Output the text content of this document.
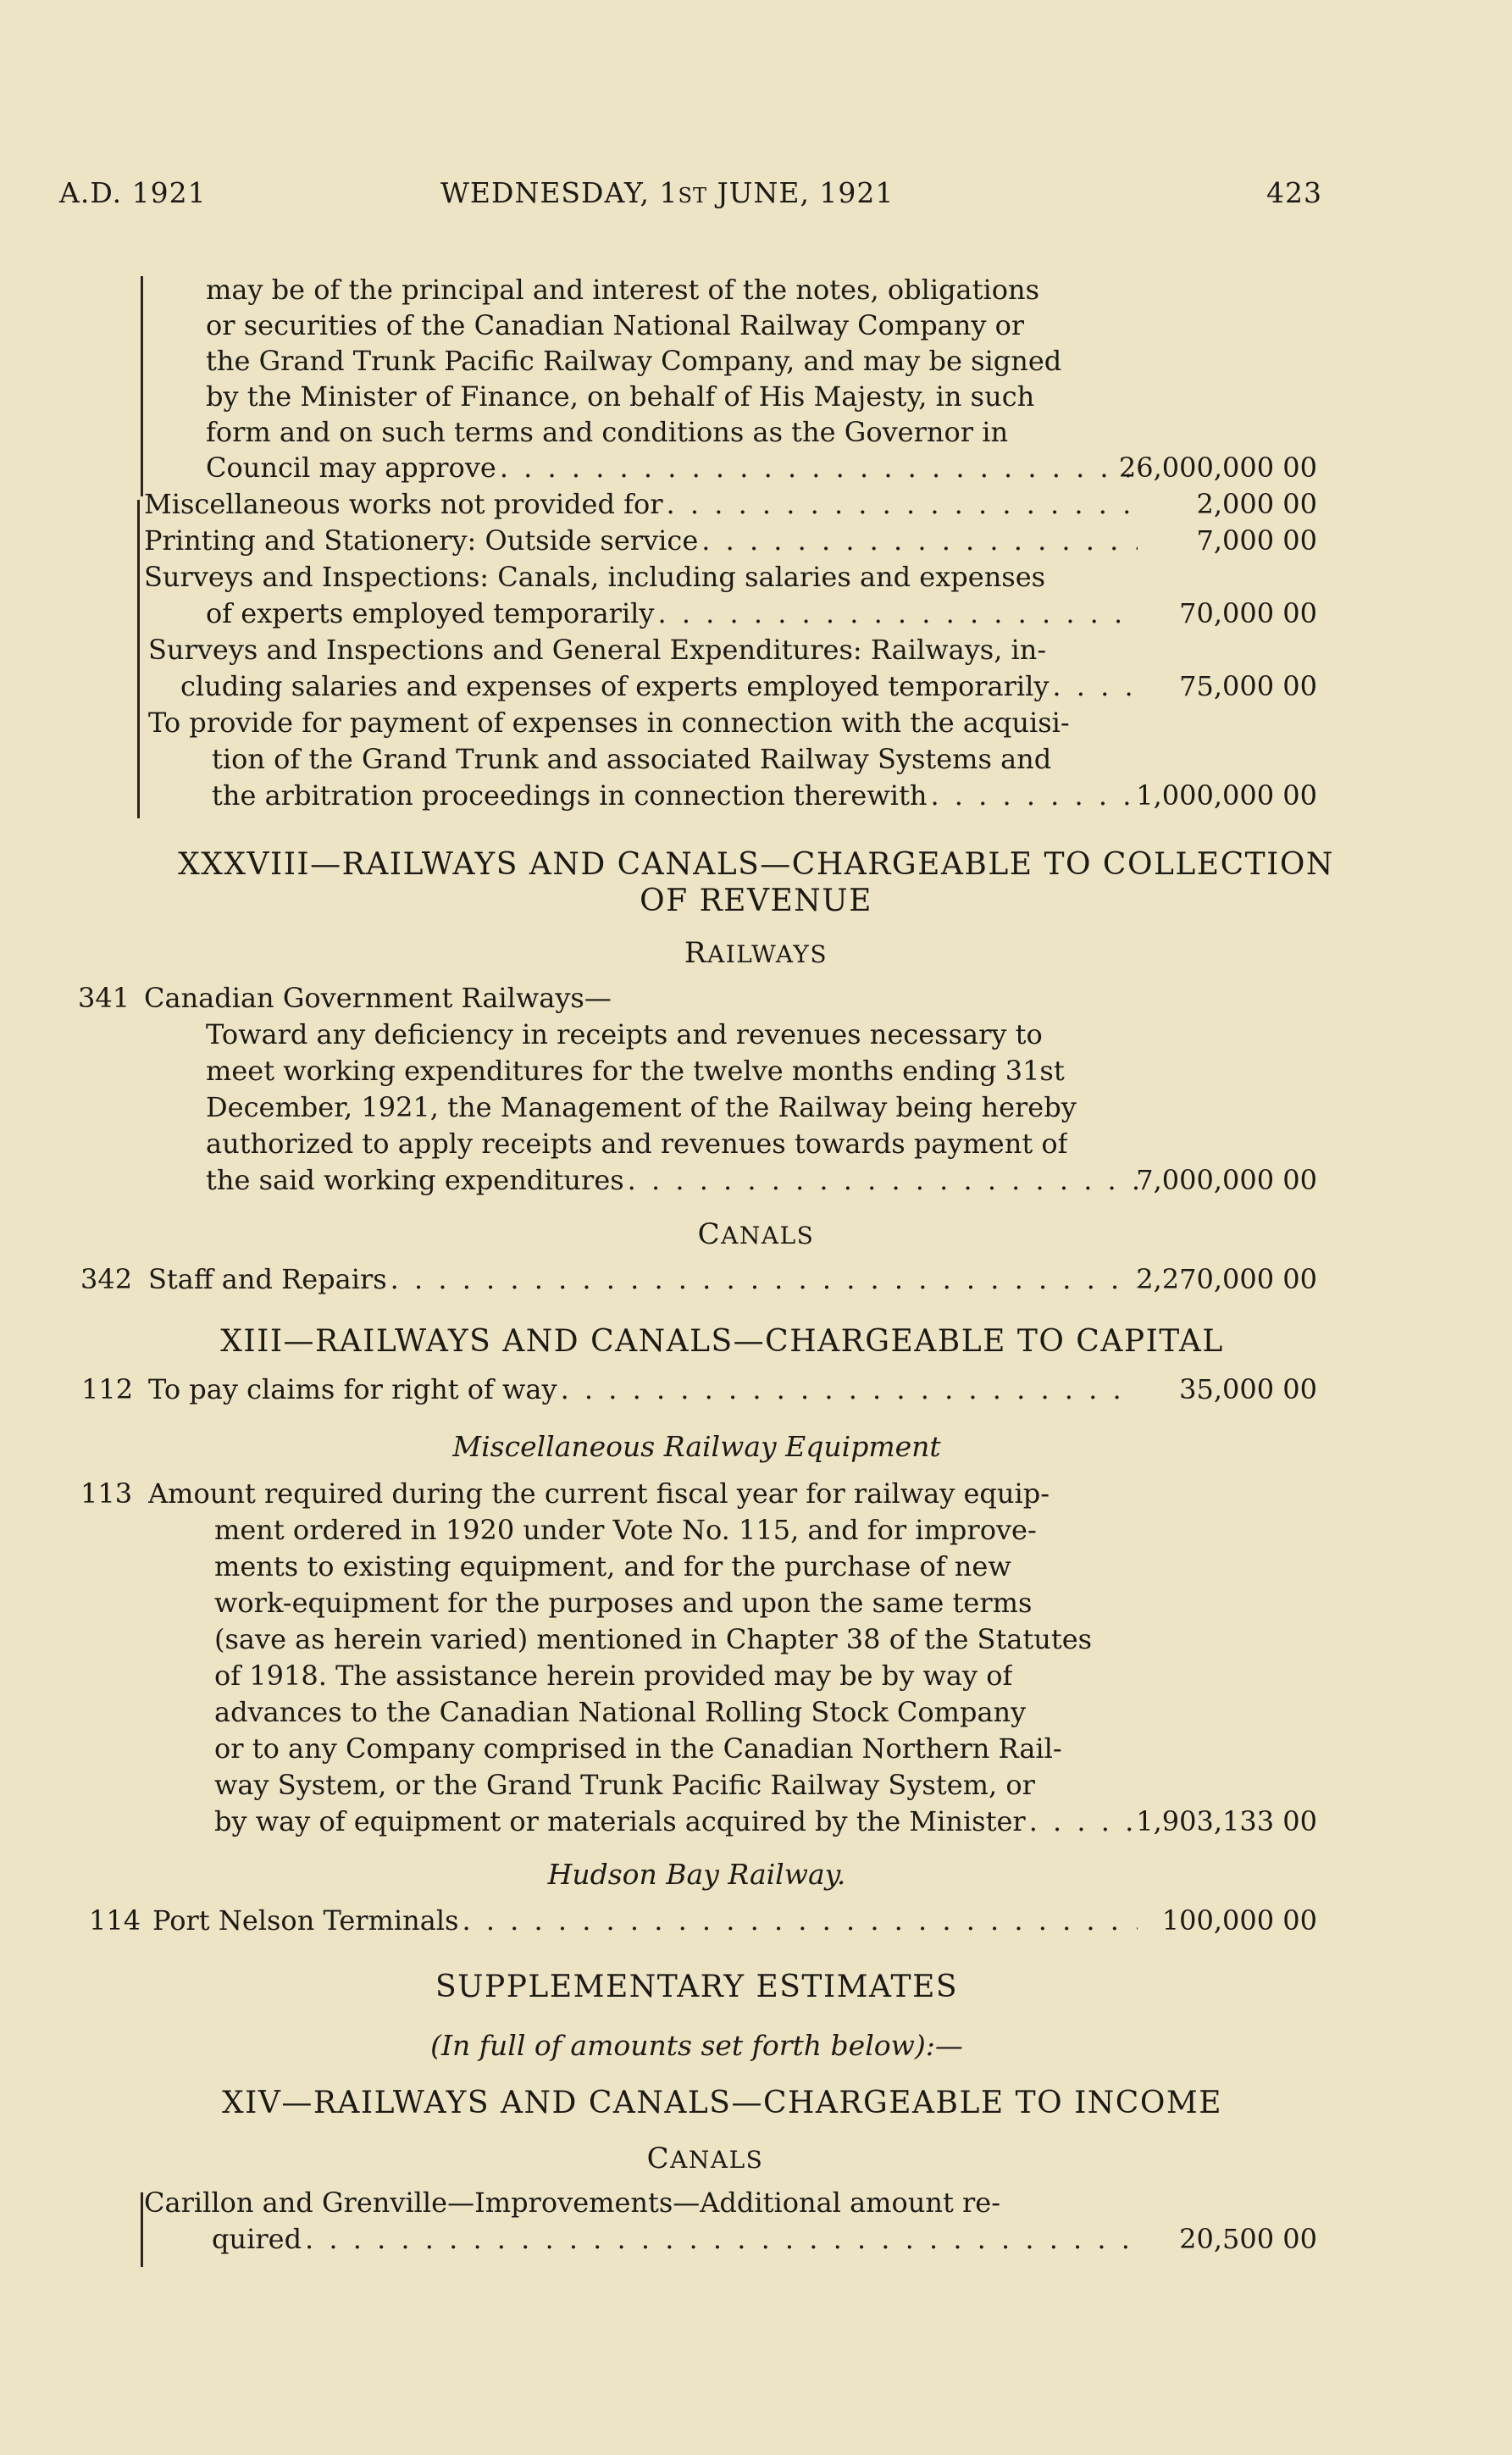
A.D. 1921	WEDNESDAY, 1ST JUNE, 1921	423
may be of the principal and interest of the notes, obligations
or securities of the Canadian National Railway Company or
the Grand Trunk Pacific Railway Company, and may be signed
by the Minister of Finance, on behalf of His Majesty, in such
form and on such terms and conditions as the Governor in
Council may approve . . .	26,000,000 00
Miscellaneous works not provided for . . .	2,000 00
Printing and Stationery: Outside service . . .	7,000 00
Surveys and Inspections: Canals, including salaries and expenses
of experts employed temporarily . . .	70,000 00
Surveys and Inspections and General Expenditures: Railways, in-
cluding salaries and expenses of experts employed temporarily . . .	75,000 00
To provide for payment of expenses in connection with the acquisi-
tion of the Grand Trunk and associated Railway Systems and
the arbitration proceedings in connection therewith . . .	1,000,000 00
XXXVIII—RAILWAYS AND CANALS—CHARGEABLE TO COLLECTION
OF REVENUE
RAILWAYS
341 Canadian Government Railways—
Toward any deficiency in receipts and revenues necessary to
meet working expenditures for the twelve months ending 31st
December, 1921, the Management of the Railway being hereby
authorized to apply receipts and revenues towards payment of
the said working expenditures . . .	7,000,000 00
CANALS
342 Staff and Repairs . . .	2,270,000 00
XIII—RAILWAYS AND CANALS—CHARGEABLE TO CAPITAL
112 To pay claims for right of way . . .	35,000 00
Miscellaneous Railway Equipment
113 Amount required during the current fiscal year for railway equip-
ment ordered in 1920 under Vote No. 115, and for improve-
ments to existing equipment, and for the purchase of new
work-equipment for the purposes and upon the same terms
(save as herein varied) mentioned in Chapter 38 of the Statutes
of 1918. The assistance herein provided may be by way of
advances to the Canadian National Rolling Stock Company
or to any Company comprised in the Canadian Northern Rail-
way System, or the Grand Trunk Pacific Railway System, or
by way of equipment or materials acquired by the Minister . . .	1,903,133 00
Hudson Bay Railway.
114 Port Nelson Terminals . . .	100,000 00
SUPPLEMENTARY ESTIMATES
(In full of amounts set forth below):—
XIV—RAILWAYS AND CANALS—CHARGEABLE TO INCOME
CANALS
Carillon and Grenville—Improvements—Additional amount re-
quired . . .	20,500 00
